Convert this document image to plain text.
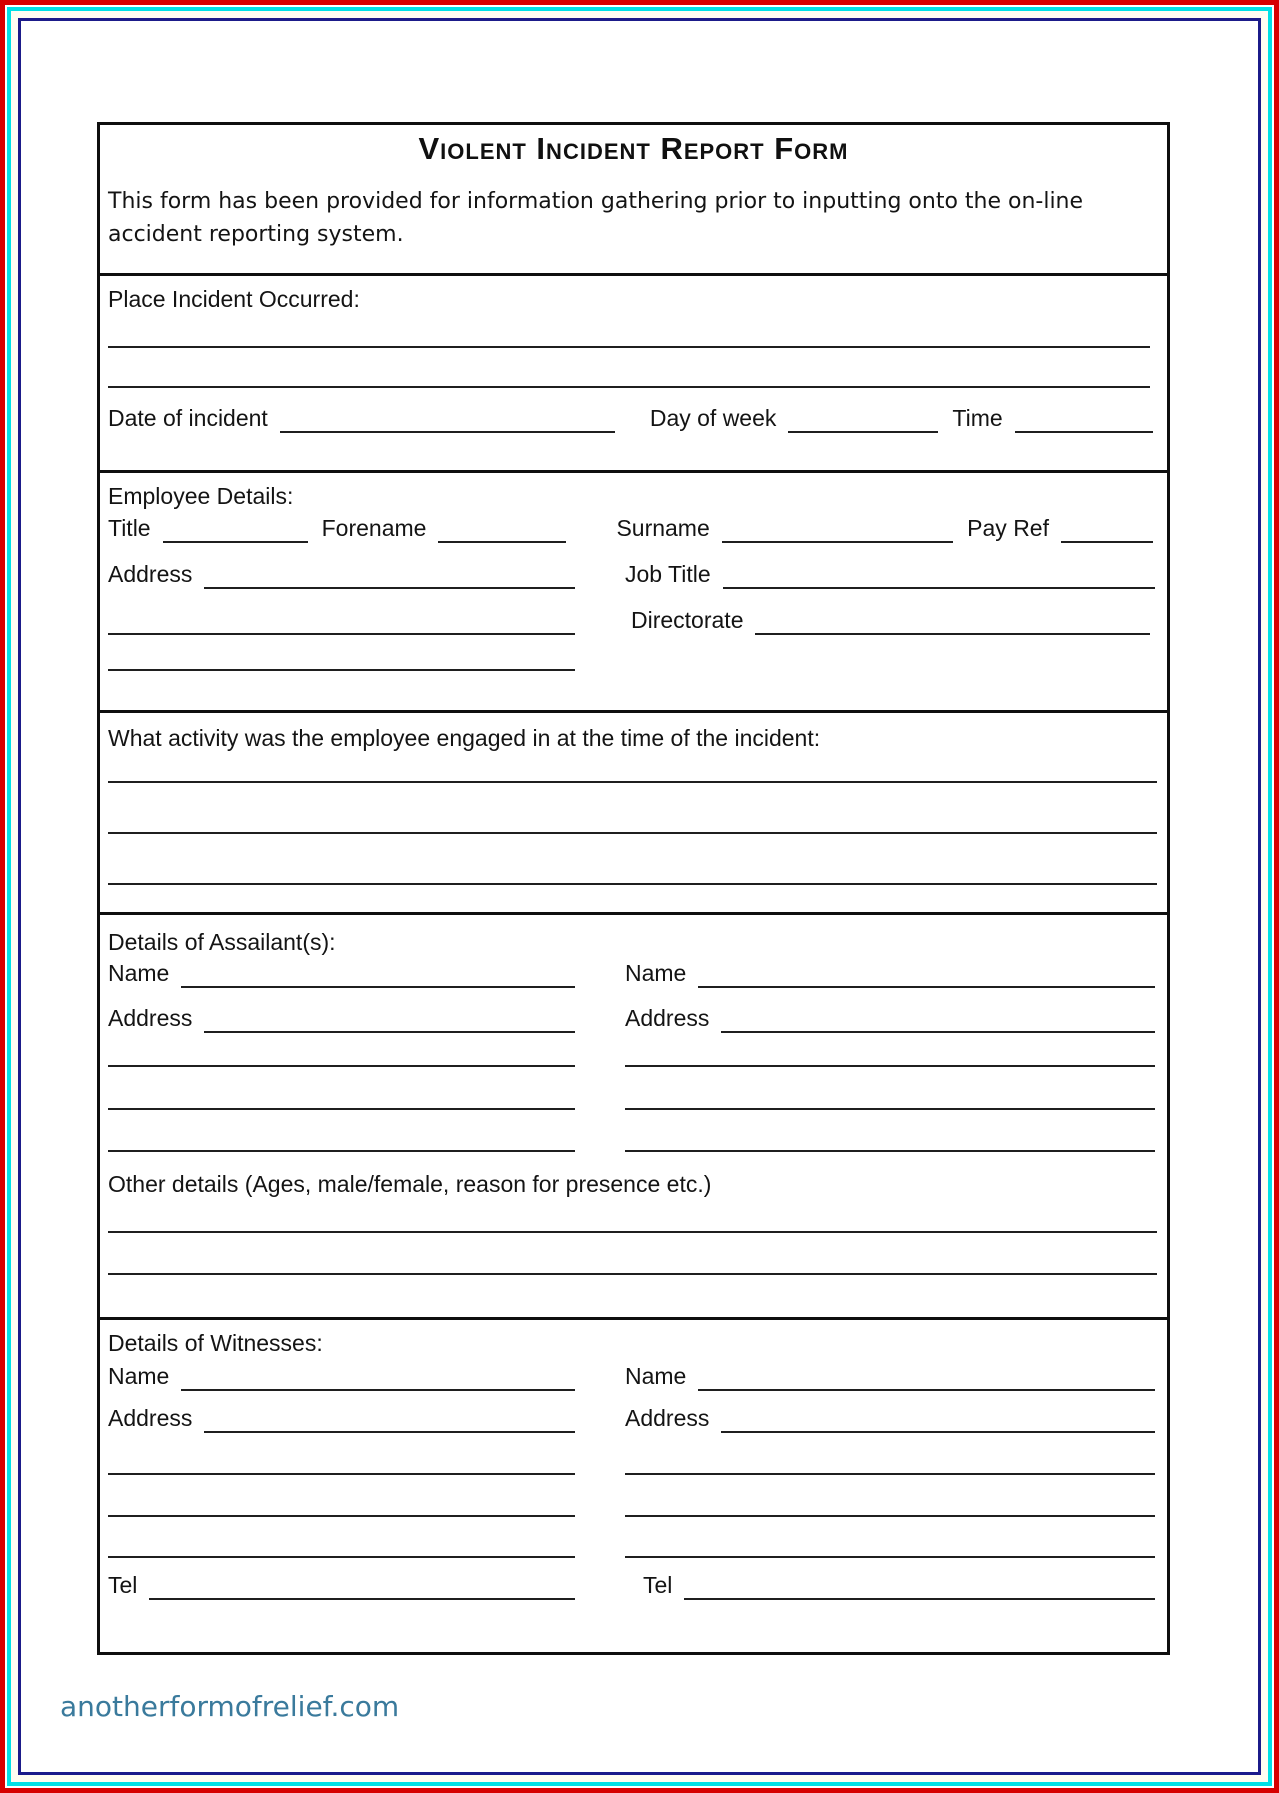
Violent Incident Report Form
This form has been provided for information gathering prior to inputting onto the on-line accident reporting system.
Place Incident Occurred:
Date of incident	Day of week	Time
Employee Details:
Title	Forename	Surname	Pay Ref
Address	Job Title
Directorate
What activity was the employee engaged in at the time of the incident:
Details of Assailant(s):
Name	Name
Address	Address
Other details (Ages, male/female, reason for presence etc.)
Details of Witnesses:
Name	Name
Address	Address
Tel	Tel
anotherformofrelief.com
